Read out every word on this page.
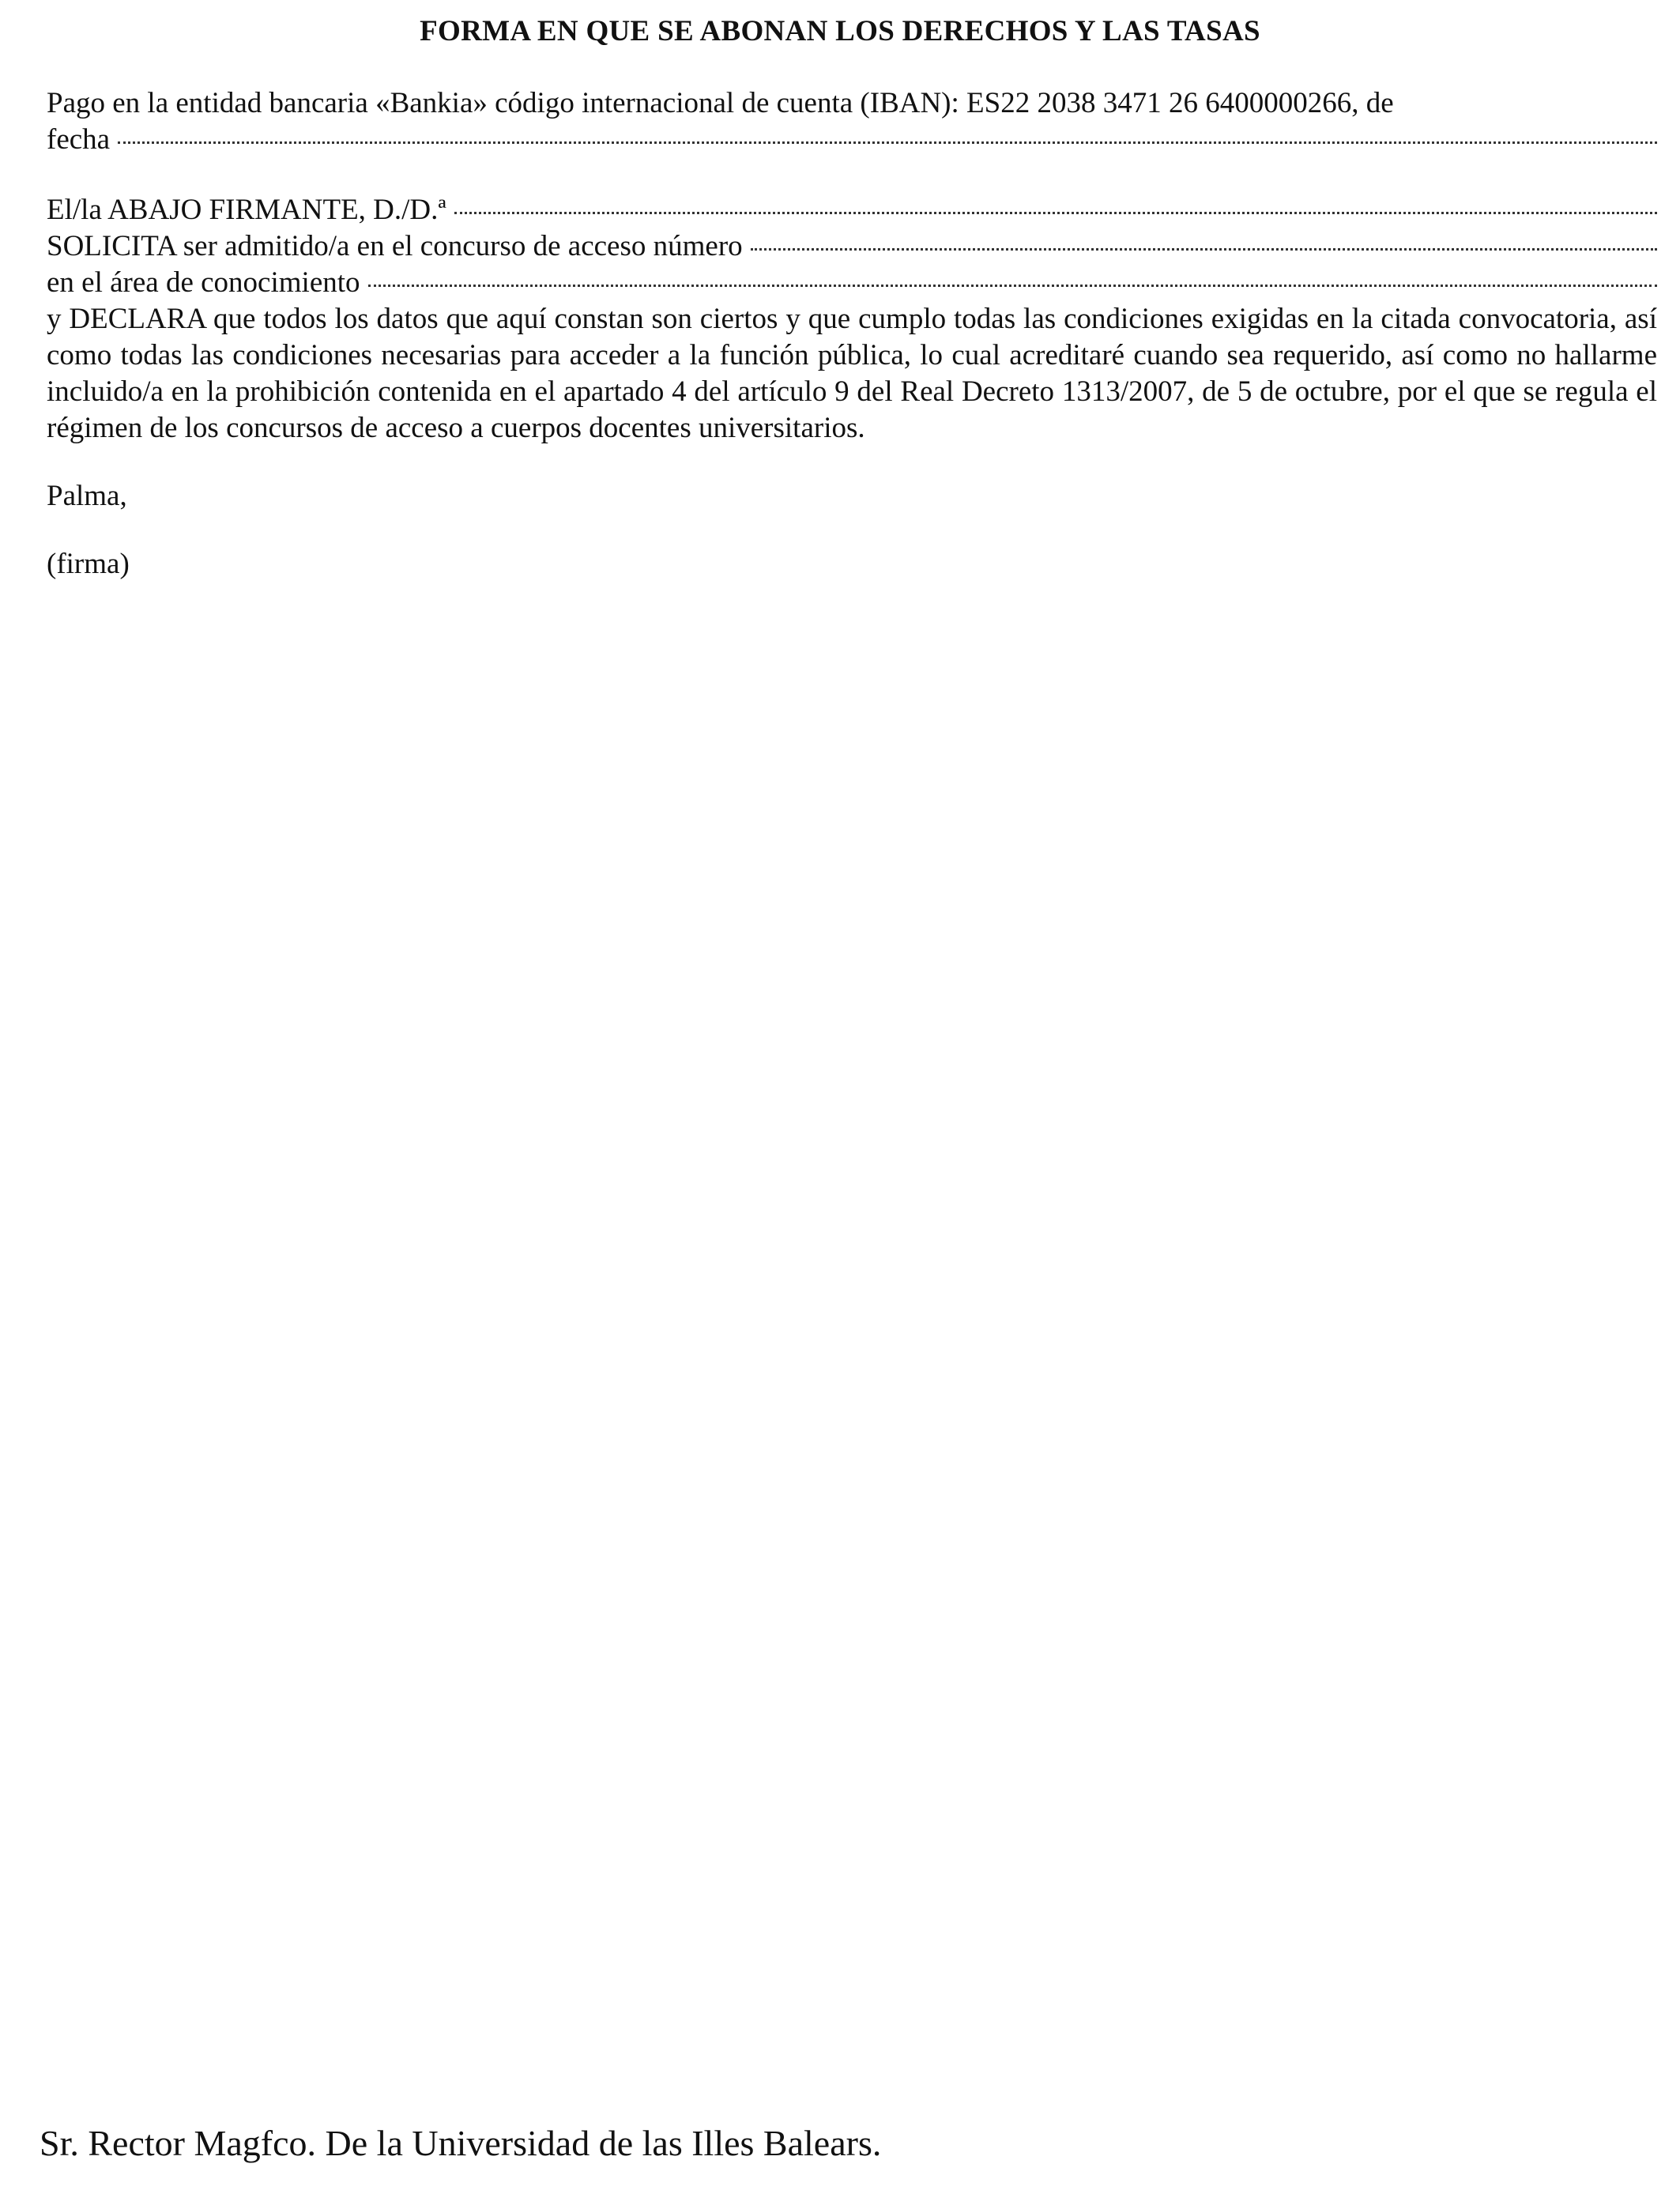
FORMA EN QUE SE ABONAN LOS DERECHOS Y LAS TASAS

Pago en la entidad bancaria «Bankia» código internacional de cuenta (IBAN): ES22 2038 3471 26 6400000266, de

fecha
El/la ABAJO FIRMANTE, D./D.ª
SOLICITA ser admitido/a en el concurso de acceso número
en el área de conocimiento

y DECLARA que todos los datos que aquí constan son ciertos y que cumplo todas las condiciones exigidas en la citada convocatoria, así como todas las condiciones necesarias para acceder a la función pública, lo cual acreditaré cuando sea requerido, así como no hallarme incluido/a en la prohibición contenida en el apartado 4 del artículo 9 del Real Decreto 1313/2007, de 5 de octubre, por el que se regula el régimen de los concursos de acceso a cuerpos docentes universitarios.

Palma,

(firma)

Sr. Rector Magfco. De la Universidad de las Illes Balears.
